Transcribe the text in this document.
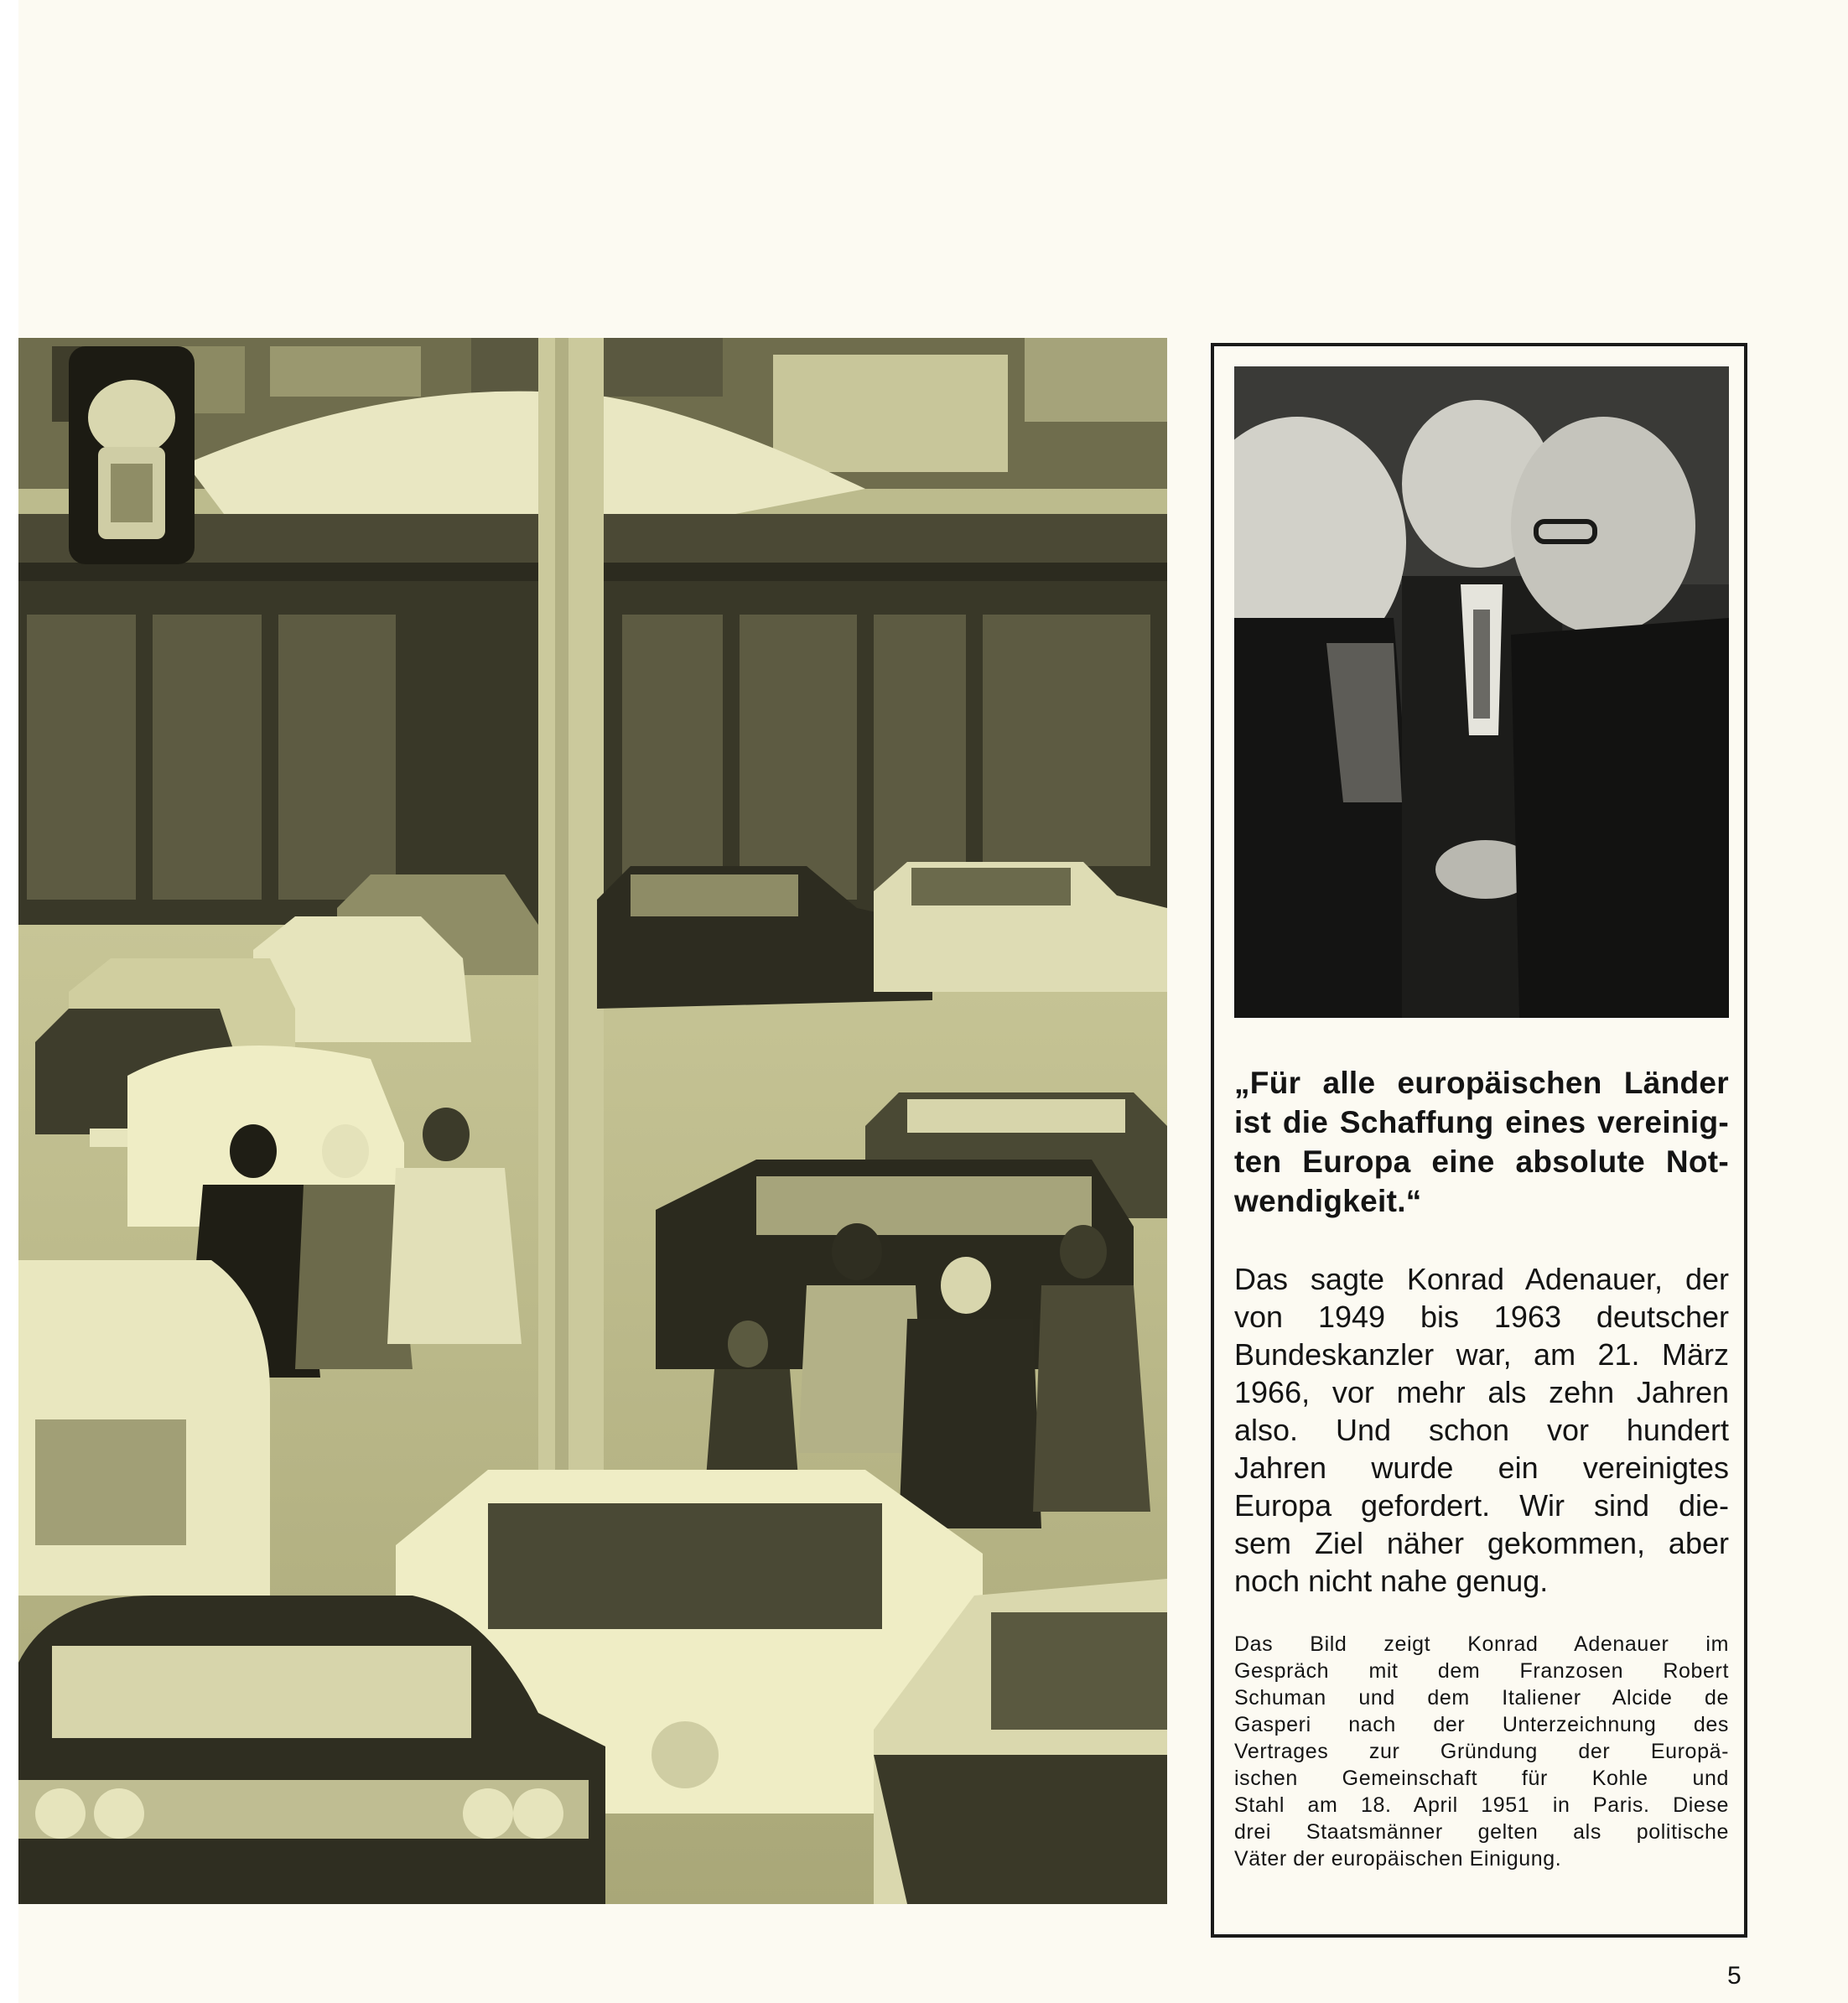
„Für alle europäischen Länder
ist die Schaffung eines vereinig-
ten Europa eine absolute Not-
wendigkeit.“
Das sagte Konrad Adenauer, der
von 1949 bis 1963 deutscher
Bundeskanzler war, am 21. März
1966, vor mehr als zehn Jahren
also. Und schon vor hundert
Jahren wurde ein vereinigtes
Europa gefordert. Wir sind die-
sem Ziel näher gekommen, aber
noch nicht nahe genug.
Das Bild zeigt Konrad Adenauer im
Gespräch mit dem Franzosen Robert
Schuman und dem Italiener Alcide de
Gasperi nach der Unterzeichnung des
Vertrages zur Gründung der Europä-
ischen Gemeinschaft für Kohle und
Stahl am 18. April 1951 in Paris. Diese
drei Staatsmänner gelten als politische
Väter der europäischen Einigung.
5
